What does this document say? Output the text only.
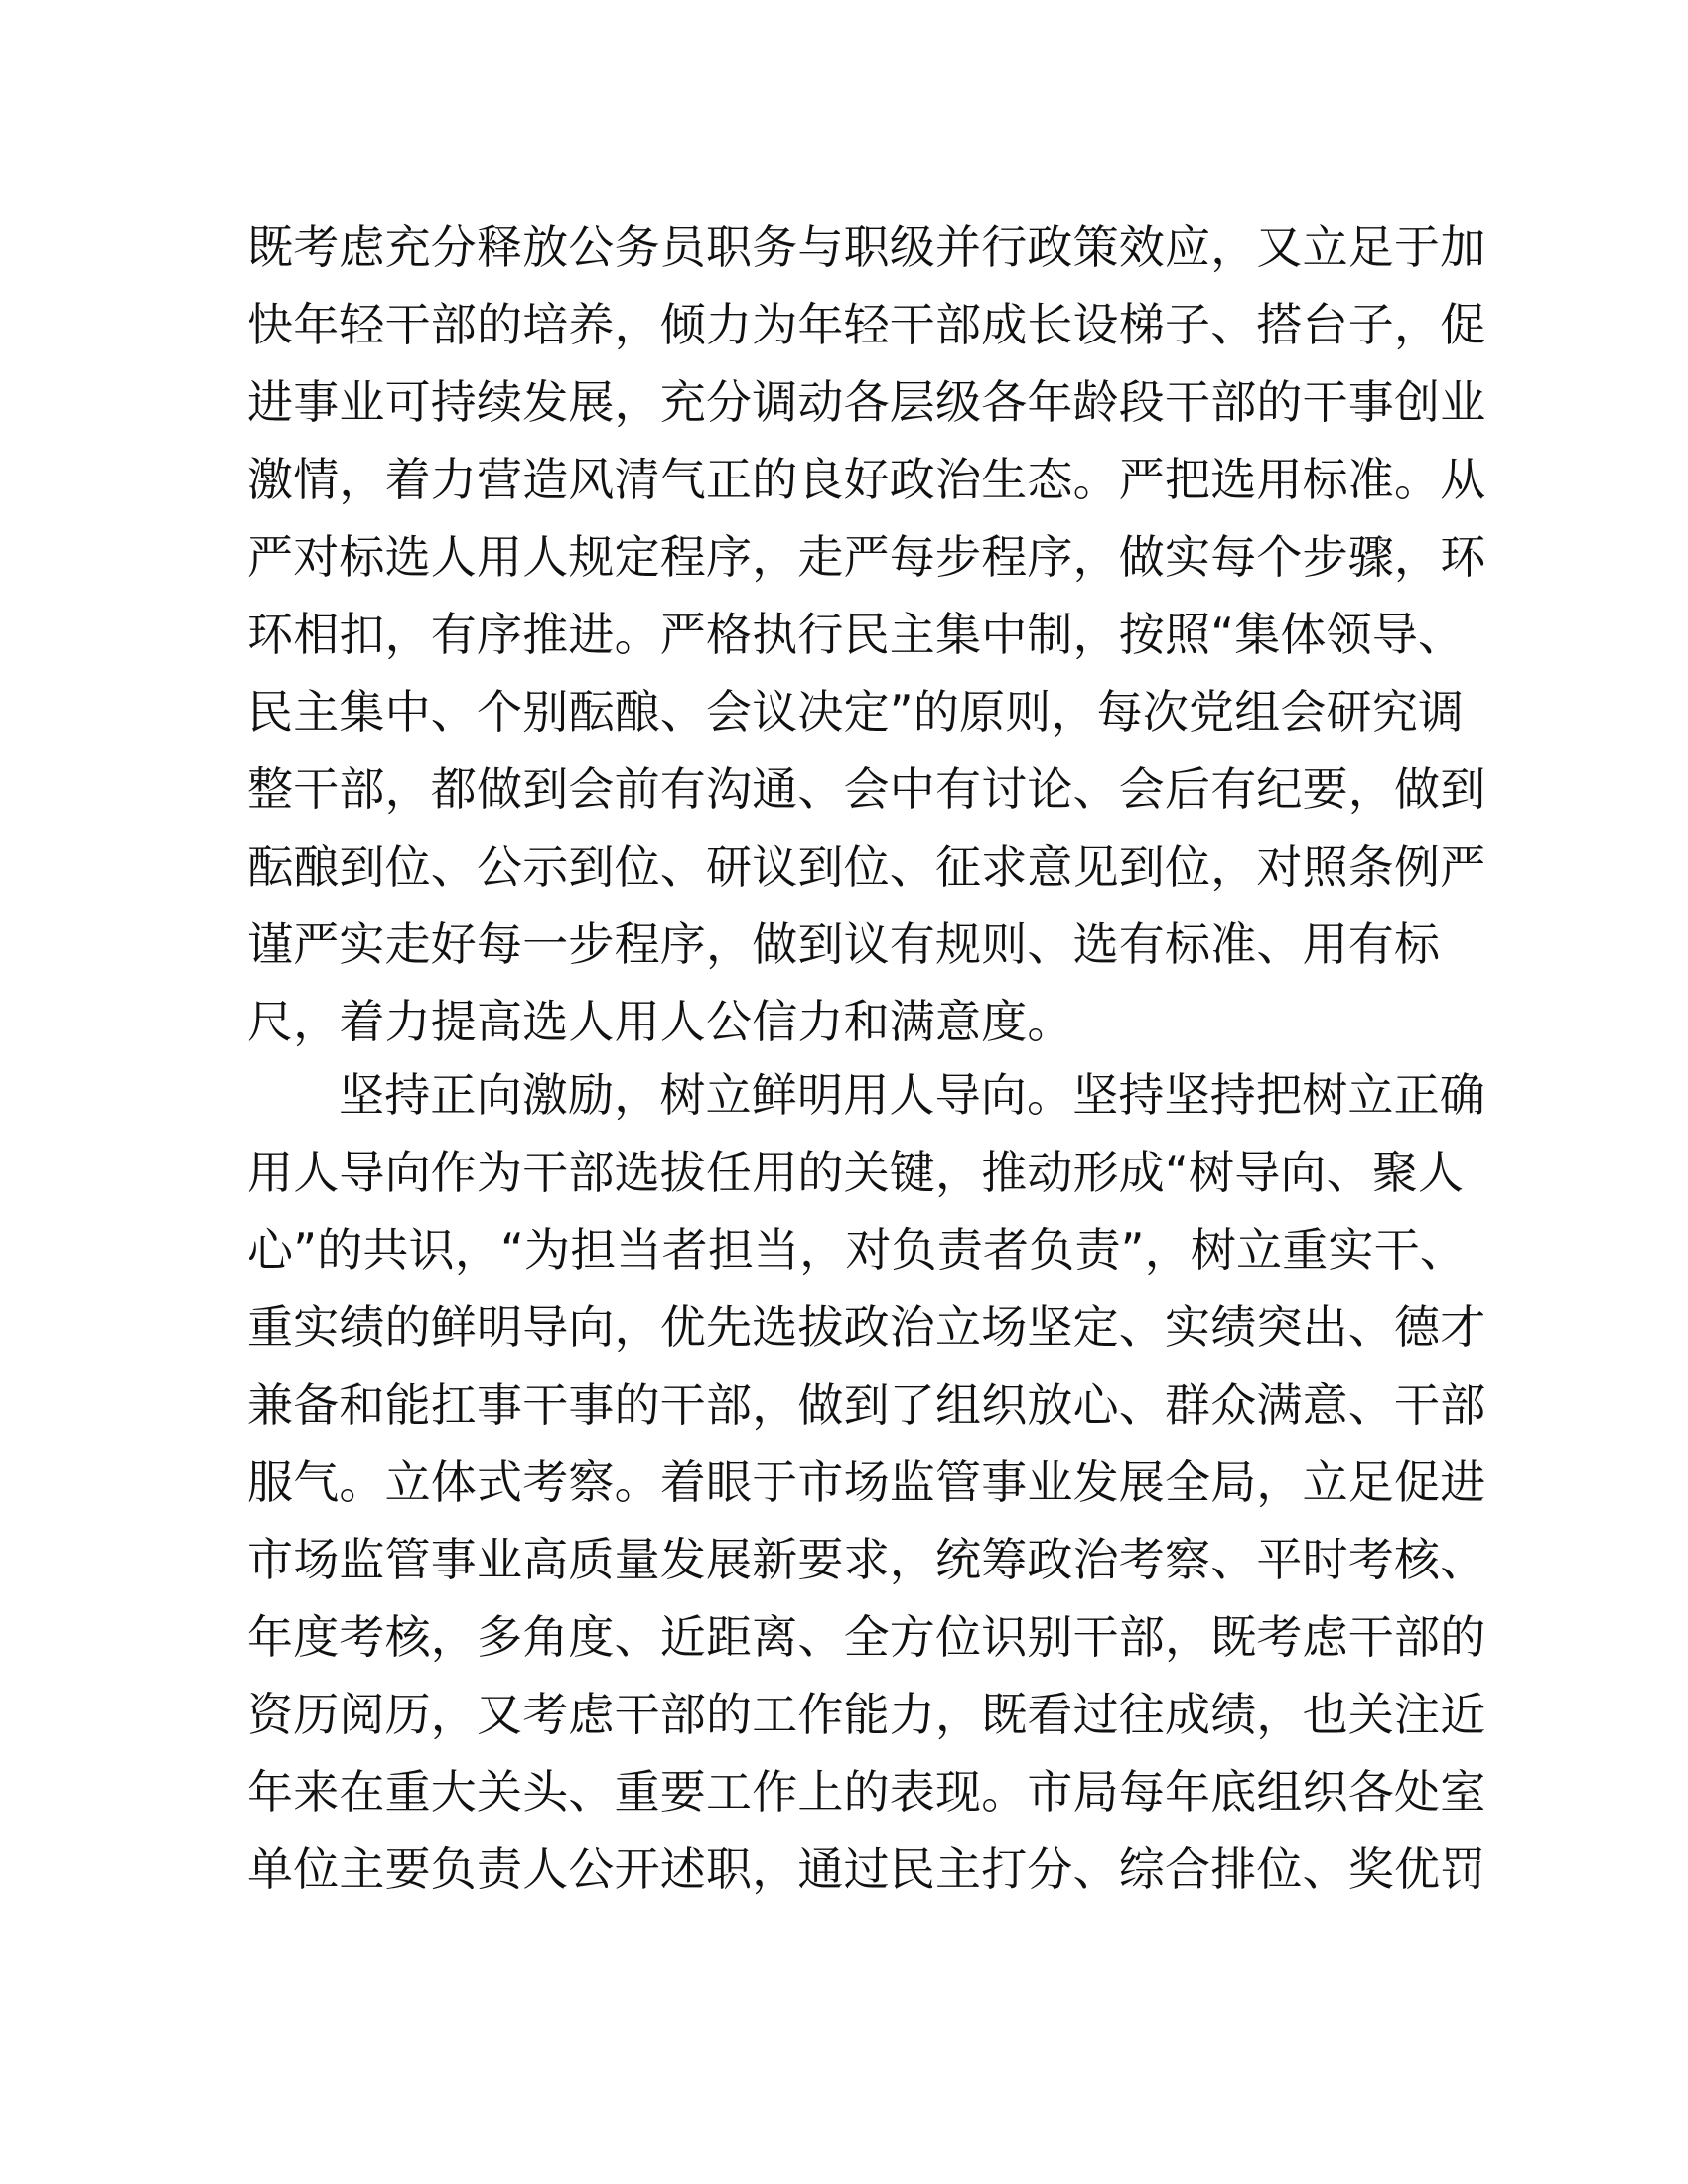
既考虑充分释放公务员职务与职级并行政策效应，又立足于加
快年轻干部的培养，倾力为年轻干部成长设梯子、搭台子，促
进事业可持续发展，充分调动各层级各年龄段干部的干事创业
激情，着力营造风清气正的良好政治生态。严把选用标准。从
严对标选人用人规定程序，走严每步程序，做实每个步骤，环
环相扣，有序推进。严格执行民主集中制，按照“集体领导、
民主集中、个别酝酿、会议决定”的原则，每次党组会研究调
整干部，都做到会前有沟通、会中有讨论、会后有纪要，做到
酝酿到位、公示到位、研议到位、征求意见到位，对照条例严
谨严实走好每一步程序，做到议有规则、选有标准、用有标
尺，着力提高选人用人公信力和满意度。
坚持正向激励，树立鲜明用人导向。坚持坚持把树立正确
用人导向作为干部选拔任用的关键，推动形成“树导向、聚人
心”的共识，“为担当者担当，对负责者负责”，树立重实干、
重实绩的鲜明导向，优先选拔政治立场坚定、实绩突出、德才
兼备和能扛事干事的干部，做到了组织放心、群众满意、干部
服气。立体式考察。着眼于市场监管事业发展全局，立足促进
市场监管事业高质量发展新要求，统筹政治考察、平时考核、
年度考核，多角度、近距离、全方位识别干部，既考虑干部的
资历阅历，又考虑干部的工作能力，既看过往成绩，也关注近
年来在重大关头、重要工作上的表现。市局每年底组织各处室
单位主要负责人公开述职，通过民主打分、综合排位、奖优罚
